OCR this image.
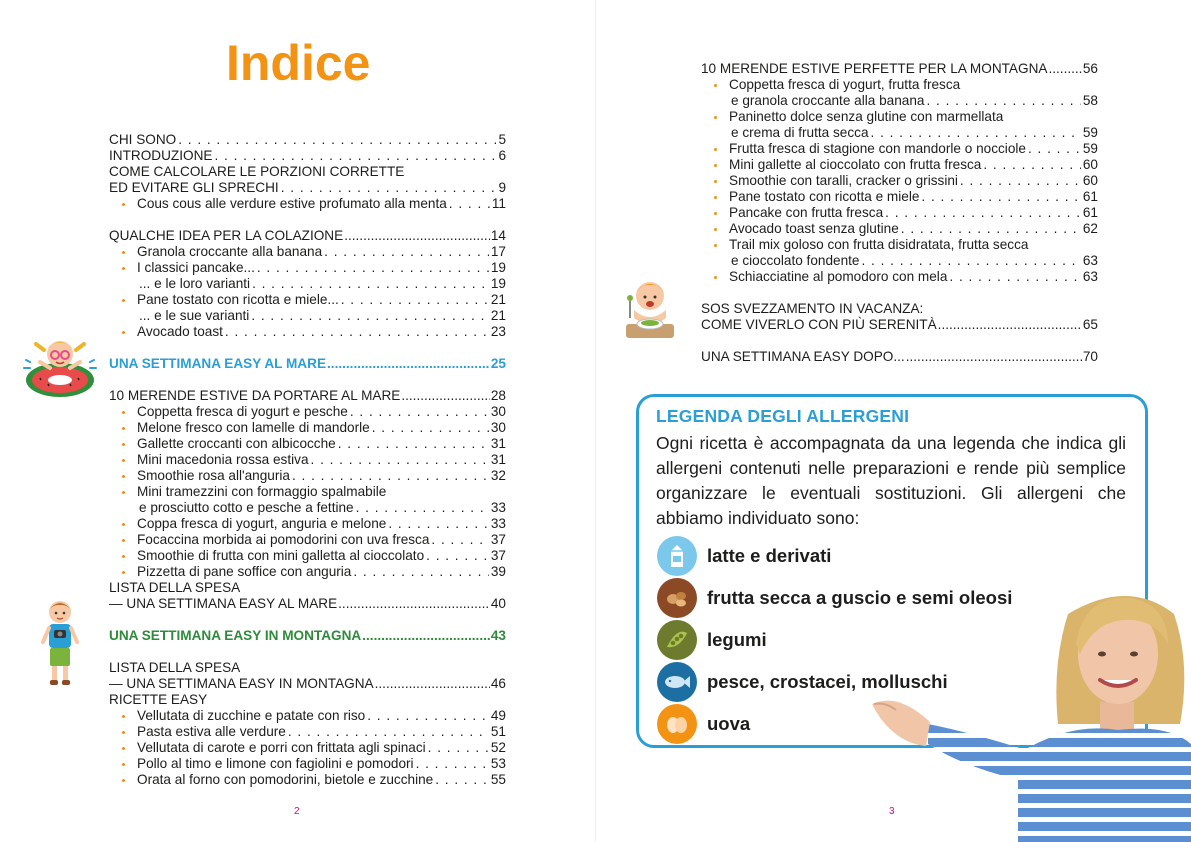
Indice
CHI SONO . . .	5
INTRODUZIONE . . .	6
COME CALCOLARE LE PORZIONI CORRETTE
ED EVITARE GLI SPRECHI . . .	9
Cous cous alle verdure estive profumato alla menta . . .	11
QUALCHE IDEA PER LA COLAZIONE .....	14
Granola croccante alla banana . . .	17
I classici pancake... . . .	19
... e le loro varianti . . .	19
Pane tostato con ricotta e miele... . . .	21
... e le sue varianti . . .	21
Avocado toast . . .	23
UNA SETTIMANA EASY AL MARE .....	25
10 MERENDE ESTIVE DA PORTARE AL MARE .....	28
Coppetta fresca di yogurt e pesche . . .	30
Melone fresco con lamelle di mandorle . . .	30
Gallette croccanti con albicocche . . .	31
Mini macedonia rossa estiva . . .	31
Smoothie rosa all'anguria . . .	32
Mini tramezzini con formaggio spalmabile
e prosciutto cotto e pesche a fettine . . .	33
Coppa fresca di yogurt, anguria e melone . . .	33
Focaccina morbida ai pomodorini con uva fresca . . .	37
Smoothie di frutta con mini galletta al cioccolato . . .	37
Pizzetta di pane soffice con anguria . . .	39
LISTA DELLA SPESA
— UNA SETTIMANA EASY AL MARE .....	40
UNA SETTIMANA EASY IN MONTAGNA .....	43
LISTA DELLA SPESA
— UNA SETTIMANA EASY IN MONTAGNA .....	46
RICETTE EASY
Vellutata di zucchine e patate con riso . . .	49
Pasta estiva alle verdure . . .	51
Vellutata di carote e porri con frittata agli spinaci . . .	52
Pollo al timo e limone con fagiolini e pomodori . . .	53
Orata al forno con pomodorini, bietole e zucchine . . .	55
10 MERENDE ESTIVE PERFETTE PER LA MONTAGNA .....	56
Coppetta fresca di yogurt, frutta fresca
e granola croccante alla banana . . .	58
Paninetto dolce senza glutine con marmellata
e crema di frutta secca . . .	59
Frutta fresca di stagione con mandorle o nocciole . . .	59
Mini gallette al cioccolato con frutta fresca . . .	60
Smoothie con taralli, cracker o grissini . . .	60
Pane tostato con ricotta e miele . . .	61
Pancake con frutta fresca . . .	61
Avocado toast senza glutine . . .	62
Trail mix goloso con frutta disidratata, frutta secca
e cioccolato fondente . . .	63
Schiacciatine al pomodoro con mela . . .	63
SOS SVEZZAMENTO IN VACANZA:
COME VIVERLO CON PIÙ SERENITÀ .....	65
UNA SETTIMANA EASY DOPO... .....	70
LEGENDA DEGLI ALLERGENI
Ogni ricetta è accompagnata da una legenda che indica gli allergeni contenuti nelle preparazioni e rende più semplice organizzare le eventuali sostituzioni. Gli allergeni che abbiamo individuato sono:
latte e derivati
frutta secca a guscio e semi oleosi
legumi
pesce, crostacei, molluschi
uova
2	3
